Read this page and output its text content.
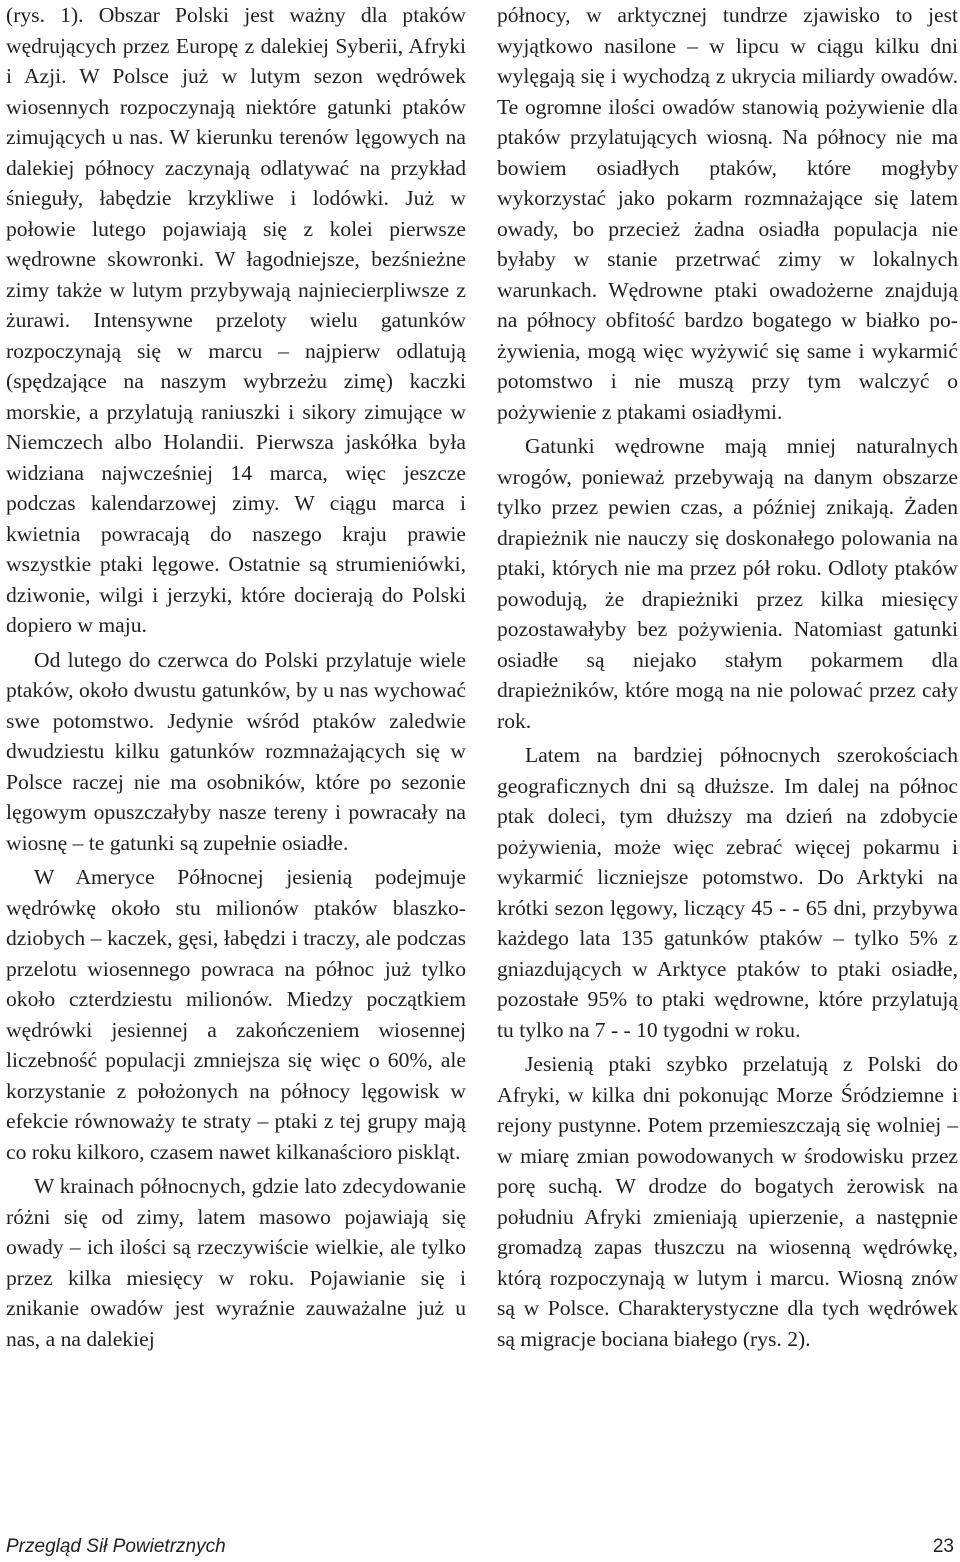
(rys. 1). Obszar Polski jest ważny dla ptaków wędrujących przez Europę z dalekiej Syberii, Afryki i Azji. W Polsce już w lutym sezon wędrówek wiosennych rozpoczynają niektóre gatunki ptaków zimujących u nas. W kierunku terenów lęgowych na dalekiej północy zaczynają odlatywać na przykład śnieguły, łabędzie krzykliwe i lodówki. Już w połowie lutego pojawiają się z kolei pierwsze wędrowne skowronki. W łagodniejsze, bezśnieżne zimy także w lutym przybywają najniecierpliwsze z żurawi. Intensywne przeloty wielu gatunków rozpoczynają się w marcu – najpierw odlatują (spędzające na naszym wybrzeżu zimę) kaczki morskie, a przylatują raniuszki i sikory zimujące w Niemczech albo Holandii. Pierwsza jaskółka była widziana najwcześniej 14 marca, więc jeszcze podczas kalendarzowej zimy. W ciągu marca i kwietnia powracają do naszego kraju prawie wszystkie ptaki lęgowe. Ostatnie są strumieniówki, dziwonie, wilgi i jerzyki, które docierają do Polski dopiero w maju.

Od lutego do czerwca do Polski przylatuje wiele ptaków, około dwustu gatunków, by u nas wychować swe potomstwo. Jedynie wśród ptaków zaledwie dwudziestu kilku gatunków rozmnażających się w Polsce raczej nie ma osobników, które po sezonie lęgowym opuszczałyby nasze tereny i powracały na wiosnę – te gatunki są zupełnie osiadłe.

W Ameryce Północnej jesienią podejmuje wędrówkę około stu milionów ptaków blaszkodziobych – kaczek, gęsi, łabędzi i traczy, ale podczas przelotu wiosennego powraca na północ już tylko około czterdziestu milionów. Miedzy początkiem wędrówki jesiennej a zakończeniem wiosennej liczebność populacji zmniejsza się więc o 60%, ale korzystanie z położonych na północy lęgowisk w efekcie równoważy te straty – ptaki z tej grupy mają co roku kilkoro, czasem nawet kilkanaścioro piskląt.

W krainach północnych, gdzie lato zdecydowanie różni się od zimy, latem masowo pojawiają się owady – ich ilości są rzeczywiście wielkie, ale tylko przez kilka miesięcy w roku. Pojawianie się i znikanie owadów jest wyraźnie zauważalne już u nas, a na dalekiej

północy, w arktycznej tundrze zjawisko to jest wyjątkowo nasilone – w lipcu w ciągu kilku dni wylęgają się i wychodzą z ukrycia miliardy owadów. Te ogromne ilości owadów stanowią pożywienie dla ptaków przylatujących wiosną. Na północy nie ma bowiem osiadłych ptaków, które mogłyby wykorzystać jako pokarm rozmnażające się latem owady, bo przecież żadna osiadła populacja nie byłaby w stanie przetrwać zimy w lokalnych warunkach. Wędrowne ptaki owadożerne znajdują na północy obfitość bardzo bogatego w białko pożywienia, mogą więc wyżywić się same i wykarmić potomstwo i nie muszą przy tym walczyć o pożywienie z ptakami osiadłymi.

Gatunki wędrowne mają mniej naturalnych wrogów, ponieważ przebywają na danym obszarze tylko przez pewien czas, a później znikają. Żaden drapieżnik nie nauczy się doskonałego polowania na ptaki, których nie ma przez pół roku. Odloty ptaków powodują, że drapieżniki przez kilka miesięcy pozostawałyby bez pożywienia. Natomiast gatunki osiadłe są niejako stałym pokarmem dla drapieżników, które mogą na nie polować przez cały rok.

Latem na bardziej północnych szerokościach geograficznych dni są dłuższe. Im dalej na północ ptak doleci, tym dłuższy ma dzień na zdobycie pożywienia, może więc zebrać więcej pokarmu i wykarmić liczniejsze potomstwo. Do Arktyki na krótki sezon lęgowy, liczący 45 - - 65 dni, przybywa każdego lata 135 gatunków ptaków – tylko 5% z gniazdujących w Arktyce ptaków to ptaki osiadłe, pozostałe 95% to ptaki wędrowne, które przylatują tu tylko na 7 - - 10 tygodni w roku.

Jesienią ptaki szybko przelatują z Polski do Afryki, w kilka dni pokonując Morze Śródziemne i rejony pustynne. Potem przemieszczają się wolniej – w miarę zmian powodowanych w środowisku przez porę suchą. W drodze do bogatych żerowisk na południu Afryki zmieniają upierzenie, a następnie gromadzą zapas tłuszczu na wiosenną wędrówkę, którą rozpoczynają w lutym i marcu. Wiosną znów są w Polsce. Charakterystyczne dla tych wędrówek są migracje bociana białego (rys. 2).

Przegląd Sił Powietrznych	23
